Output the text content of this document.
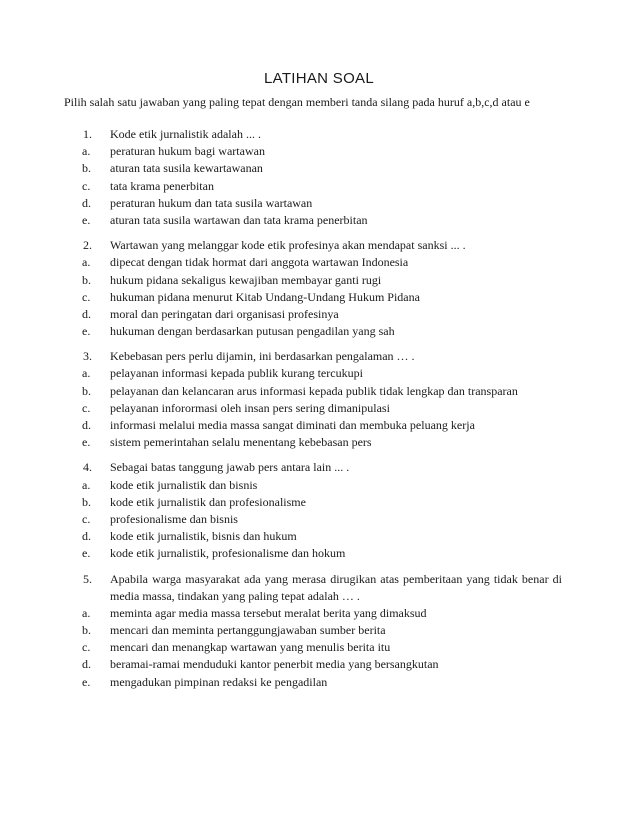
LATIHAN SOAL
Pilih salah satu jawaban yang paling tepat dengan memberi tanda silang pada huruf a,b,c,d atau e
1. Kode etik jurnalistik adalah ... .
a. peraturan hukum bagi wartawan
b. aturan tata susila kewartawanan
c. tata krama penerbitan
d. peraturan hukum dan tata susila wartawan
e. aturan tata susila wartawan dan tata krama penerbitan
2. Wartawan yang melanggar kode etik profesinya akan mendapat sanksi ... .
a. dipecat dengan tidak hormat dari anggota wartawan Indonesia
b. hukum pidana sekaligus kewajiban membayar ganti rugi
c. hukuman pidana menurut Kitab Undang-Undang Hukum Pidana
d. moral dan peringatan dari organisasi profesinya
e. hukuman dengan berdasarkan putusan pengadilan yang sah
3. Kebebasan pers perlu dijamin, ini berdasarkan pengalaman … .
a. pelayanan informasi kepada publik kurang tercukupi
b. pelayanan dan kelancaran arus informasi kepada publik tidak lengkap dan transparan
c. pelayanan inforormasi oleh insan pers sering dimanipulasi
d. informasi melalui media massa sangat diminati dan membuka peluang kerja
e. sistem pemerintahan selalu menentang kebebasan pers
4. Sebagai batas tanggung jawab pers antara lain ... .
a. kode etik jurnalistik dan bisnis
b. kode etik jurnalistik dan profesionalisme
c. profesionalisme dan bisnis
d. kode etik jurnalistik, bisnis dan hukum
e. kode etik jurnalistik, profesionalisme dan hokum
5. Apabila warga masyarakat ada yang merasa dirugikan atas pemberitaan yang tidak benar di media massa, tindakan yang paling tepat adalah … .
a. meminta agar media massa tersebut meralat berita yang dimaksud
b. mencari dan meminta pertanggungjawaban sumber berita
c. mencari dan menangkap wartawan yang menulis berita itu
d. beramai-ramai menduduki kantor penerbit media yang bersangkutan
e. mengadukan pimpinan redaksi ke pengadilan
